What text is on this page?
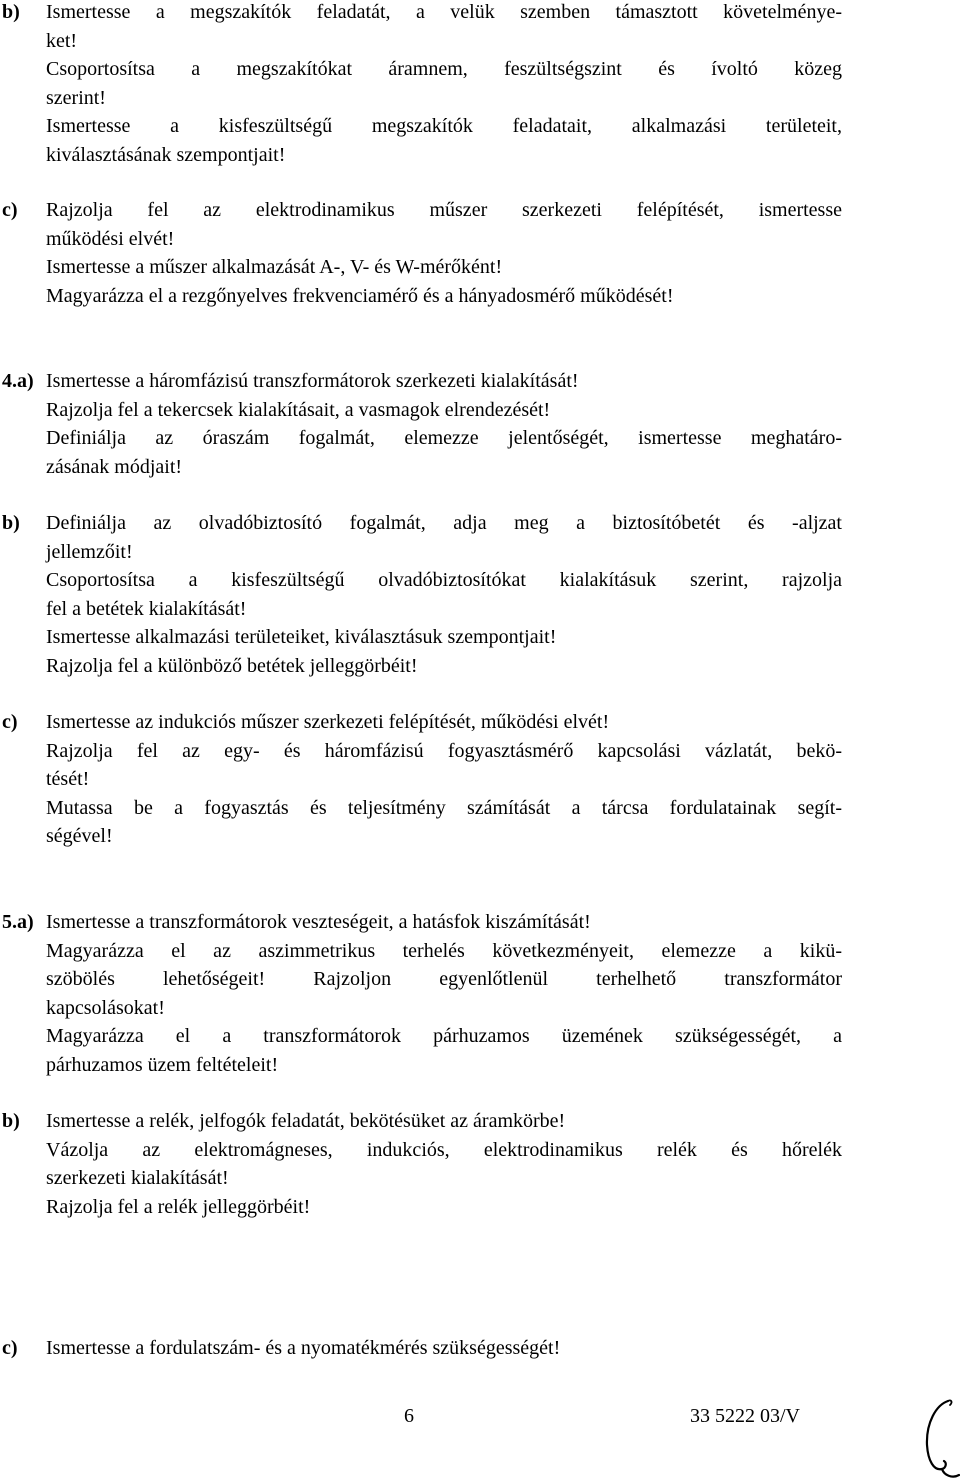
b)	Ismertesse a megszakítók feladatát, a velük szemben támasztott követelménye-
ket!
Csoportosítsa a megszakítókat áramnem, feszültségszint és ívoltó közeg
szerint!
Ismertesse a kisfeszültségű megszakítók feladatait, alkalmazási területeit,
kiválasztásának szempontjait!
c)	Rajzolja fel az elektrodinamikus műszer szerkezeti felépítését, ismertesse
működési elvét!
Ismertesse a műszer alkalmazását A-, V- és W-mérőként!
Magyarázza el a rezgőnyelves frekvenciamérő és a hányadosmérő működését!
4.a) Ismertesse a háromfázisú transzformátorok szerkezeti kialakítását!
Rajzolja fel a tekercsek kialakításait, a vasmagok elrendezését!
Definiálja az óraszám fogalmát, elemezze jelentőségét, ismertesse meghatáro-
zásának módjait!
b)	Definiálja az olvadóbiztosító fogalmát, adja meg a biztosítóbetét és -aljzat
jellemzőit!
Csoportosítsa a kisfeszültségű olvadóbiztosítókat kialakításuk szerint, rajzolja
fel a betétek kialakítását!
Ismertesse alkalmazási területeiket, kiválasztásuk szempontjait!
Rajzolja fel a különböző betétek jelleggörbéit!
c)	Ismertesse az indukciós műszer szerkezeti felépítését, működési elvét!
Rajzolja fel az egy- és háromfázisú fogyasztásmérő kapcsolási vázlatát, bekö-
tését!
Mutassa be a fogyasztás és teljesítmény számítását a tárcsa fordulatainak segít-
ségével!
5.a) Ismertesse a transzformátorok veszteségeit, a hatásfok kiszámítását!
Magyarázza el az aszimmetrikus terhelés következményeit, elemezze a kikü-
szöbölés lehetőségeit! Rajzoljon egyenlőtlenül terhelhető transzformátor
kapcsolásokat!
Magyarázza el a transzformátorok párhuzamos üzemének szükségességét, a
párhuzamos üzem feltételeit!
b)	Ismertesse a relék, jelfogók feladatát, bekötésüket az áramkörbe!
Vázolja az elektromágneses, indukciós, elektrodinamikus relék és hőrelék
szerkezeti kialakítását!
Rajzolja fel a relék jelleggörbéit!
c)	Ismertesse a fordulatszám- és a nyomatékmérés szükségességét!
6	33 5222 03/V
